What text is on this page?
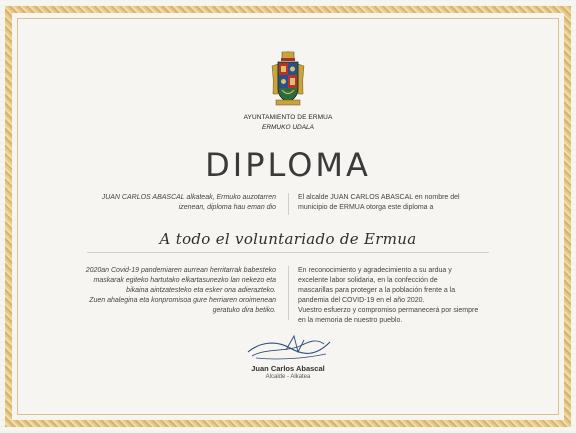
AYUNTAMIENTO DE ERMUA
ERMUKO UDALA
DIPLOMA
JUAN CARLOS ABASCAL alkateak, Ermuko auzotarren
izenean, diploma hau eman dio
El alcalde JUAN CARLOS ABASCAL en nombre del
municipio de ERMUA otorga este diploma a
A todo el voluntariado de Ermua
2020an Covid-19 pandemiaren aurrean herritarrak babesteko
maskarak egiteko hartutako elkartasunezko lan nekezo eta
bikaina aintzatesteko eta esker ona adierazteko.
Zuen ahalegina eta konpromisoa gure herriaren oroimenean
geratuko dira betiko.
En reconocimiento y agradecimiento a su ardua y
excelente labor solidaria, en la confección de
mascarillas para proteger a la población frente a la
pandemia del COVID-19 en el año 2020.
Vuestro esfuerzo y compromiso permanecerá por siempre
en la memoria de nuestro pueblo.
Juan Carlos Abascal
Alcalde - Alkatea
